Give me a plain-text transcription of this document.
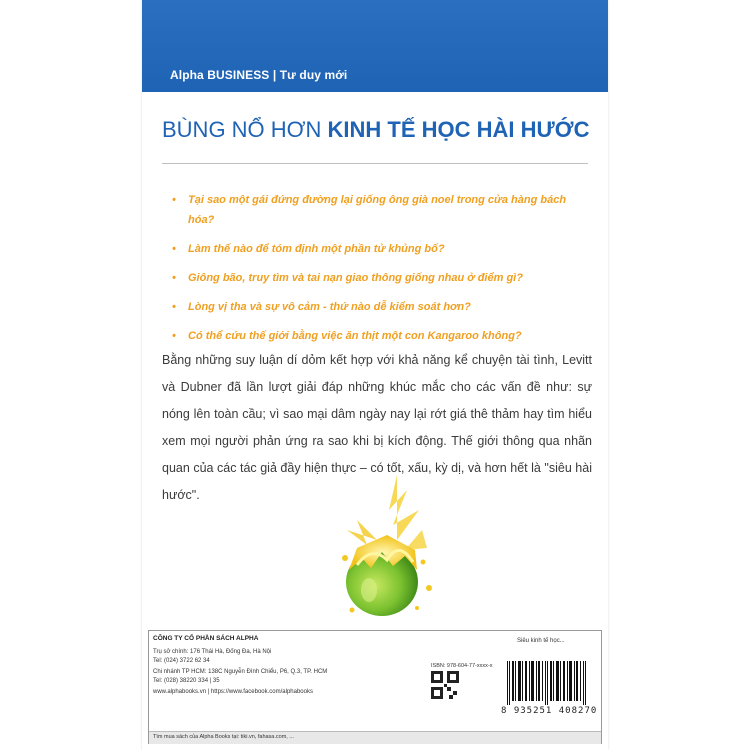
Alpha BUSINESS | Tư duy mới
BÙNG NỔ HƠN KINH TẾ HỌC HÀI HƯỚC
• Tại sao một gái đứng đường lại giống ông già noel trong cửa hàng bách hóa?
• Làm thế nào để tóm định một phần tử khủng bố?
• Giông bão, truy tìm và tai nạn giao thông giống nhau ở điểm gì?
• Lòng vị tha và sự vô cảm - thứ nào dễ kiểm soát hơn?
• Có thể cứu thế giới bằng việc ăn thịt một con Kangaroo không?

Bằng những suy luận dí dỏm kết hợp với khả năng kể chuyện tài tình, Levitt và Dubner đã lần lượt giải đáp những khúc mắc cho các vấn đề như: sự nóng lên toàn cầu; vì sao mại dâm ngày nay lại rớt giá thê thảm hay tìm hiểu xem mọi người phản ứng ra sao khi bị kích động. Thế giới thông qua nhãn quan của các tác giả đầy hiện thực – có tốt, xấu, kỳ dị, và hơn hết là "siêu hài hước".

CÔNG TY CỔ PHẦN SÁCH ALPHA
Trụ sở chính: 176 Thái Hà, Đống Đa, Hà Nội
Tel: (024) 3722 62 34
Chi nhánh TP HCM: 138C Nguyễn Đình Chiểu, P6, Q.3, TP. HCM
Tel: (028) 38220 334 | 35
www.alphabooks.vn | https://www.facebook.com/alphabooks
Siêu kinh tế học...
ISBN: 978-604-77-xxxx-x
8 935251 408270
Tìm mua sách của Alpha Books tại: tiki.vn, fahasa.com, ...
